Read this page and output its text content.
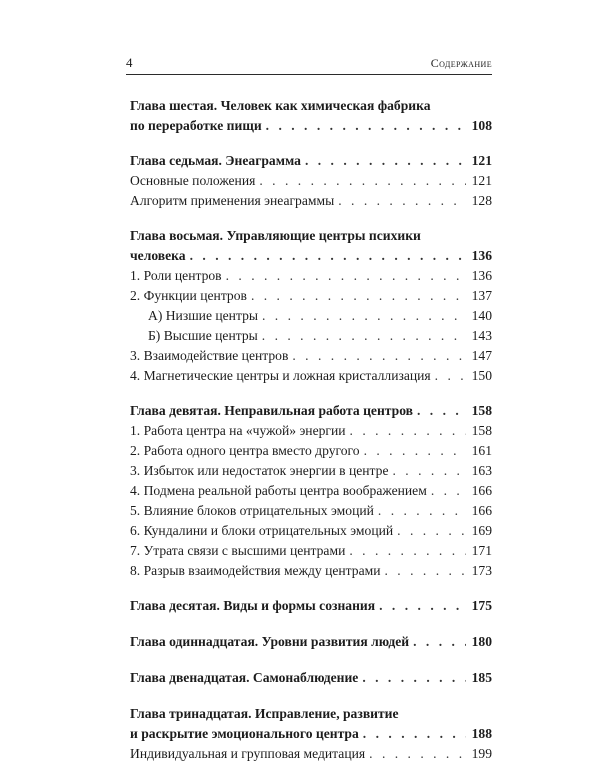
4	Содержание
Глава шестая. Человек как химическая фабрика
по переработке пищи . . .	108
Глава седьмая. Энеаграмма . . .	121
Основные положения . . .	121
Алгоритм применения энеаграммы . . .	128
Глава восьмая. Управляющие центры психики
человека . . .	136
1. Роли центров . . .	136
2. Функции центров . . .	137
А) Низшие центры . . .	140
Б) Высшие центры . . .	143
3. Взаимодействие центров . . .	147
4. Магнетические центры и ложная кристаллизация . . .	150
Глава девятая. Неправильная работа центров . . .	158
1. Работа центра на «чужой» энергии . . .	158
2. Работа одного центра вместо другого . . .	161
3. Избыток или недостаток энергии в центре . . .	163
4. Подмена реальной работы центра воображением . . .	166
5. Влияние блоков отрицательных эмоций . . .	166
6. Кундалини и блоки отрицательных эмоций . . .	169
7. Утрата связи с высшими центрами . . .	171
8. Разрыв взаимодействия между центрами . . .	173
Глава десятая. Виды и формы сознания . . .	175
Глава одиннадцатая. Уровни развития людей . . .	180
Глава двенадцатая. Самонаблюдение . . .	185
Глава тринадцатая. Исправление, развитие
и раскрытие эмоционального центра . . .	188
Индивидуальная и групповая медитация . . .	199
